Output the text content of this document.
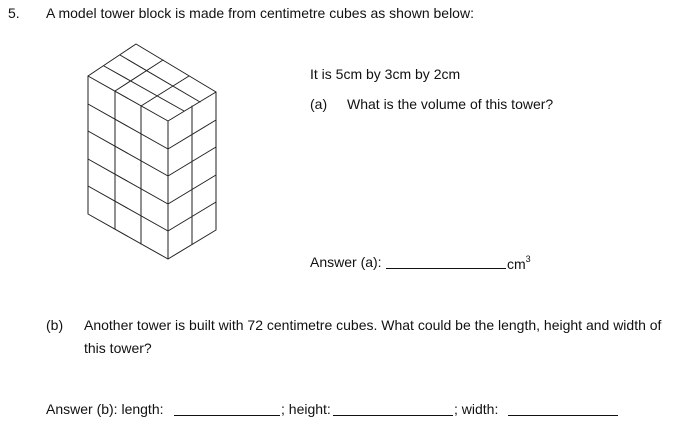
5. A model tower block is made from centimetre cubes as shown below:
It is 5cm by 3cm by 2cm
(a) What is the volume of this tower?
Answer (a):	$cm^3$
(b) Another tower is built with 72 centimetre cubes. What could be the length, height and width of this tower?
Answer (b): length:	; height:	; width:
